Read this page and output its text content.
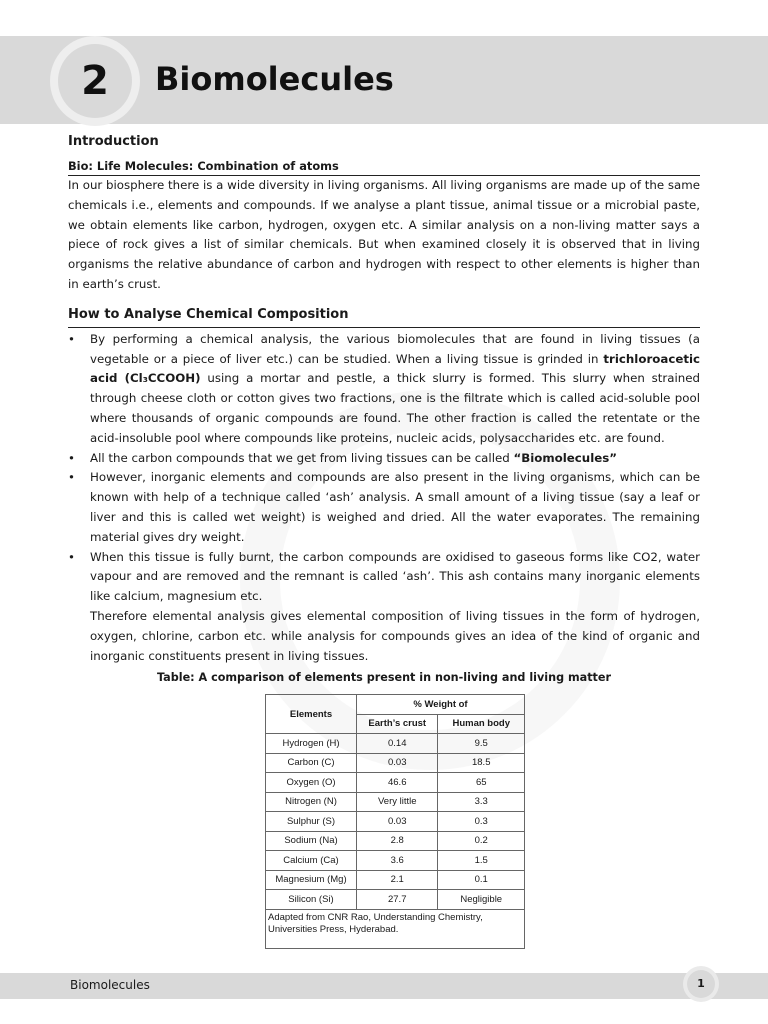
2	Biomolecules
Introduction
Bio: Life Molecules: Combination of atoms

In our biosphere there is a wide diversity in living organisms. All living organisms are made up of the same chemicals i.e., elements and compounds. If we analyse a plant tissue, animal tissue or a microbial paste, we obtain elements like carbon, hydrogen, oxygen etc. A similar analysis on a non-living matter says a piece of rock gives a list of similar chemicals. But when examined closely it is observed that in living organisms the relative abundance of carbon and hydrogen with respect to other elements is higher than in earth’s crust.

How to Analyse Chemical Composition
• By performing a chemical analysis, the various biomolecules that are found in living tissues (a vegetable or a piece of liver etc.) can be studied. When a living tissue is grinded in trichloroacetic acid (Cl₃CCOOH) using a mortar and pestle, a thick slurry is formed. This slurry when strained through cheese cloth or cotton gives two fractions, one is the filtrate which is called acid-soluble pool where thousands of organic compounds are found. The other fraction is called the retentate or the acid-insoluble pool where compounds like proteins, nucleic acids, polysaccharides etc. are found.
• All the carbon compounds that we get from living tissues can be called “Biomolecules”
• However, inorganic elements and compounds are also present in the living organisms, which can be known with help of a technique called ‘ash’ analysis. A small amount of a living tissue (say a leaf or liver and this is called wet weight) is weighed and dried. All the water evaporates. The remaining material gives dry weight.
• When this tissue is fully burnt, the carbon compounds are oxidised to gaseous forms like CO2, water vapour and are removed and the remnant is called ‘ash’. This ash contains many inorganic elements like calcium, magnesium etc.
Therefore elemental analysis gives elemental composition of living tissues in the form of hydrogen, oxygen, chlorine, carbon etc. while analysis for compounds gives an idea of the kind of organic and inorganic constituents present in living tissues.
Table: A comparison of elements present in non-living and living matter
Elements	% Weight of	
	Earth’s crust	Human body
Hydrogen (H)	0.14	9.5
Carbon (C)	0.03	18.5
Oxygen (O)	46.6	65
Nitrogen (N)	Very little	3.3
Sulphur (S)	0.03	0.3
Sodium (Na)	2.8	0.2
Calcium (Ca)	3.6	1.5
Magnesium (Mg)	2.1	0.1
Silicon (Si)	27.7	Negligible
Adapted from CNR Rao, Understanding Chemistry, Universities Press, Hyderabad.		
Biomolecules	1
